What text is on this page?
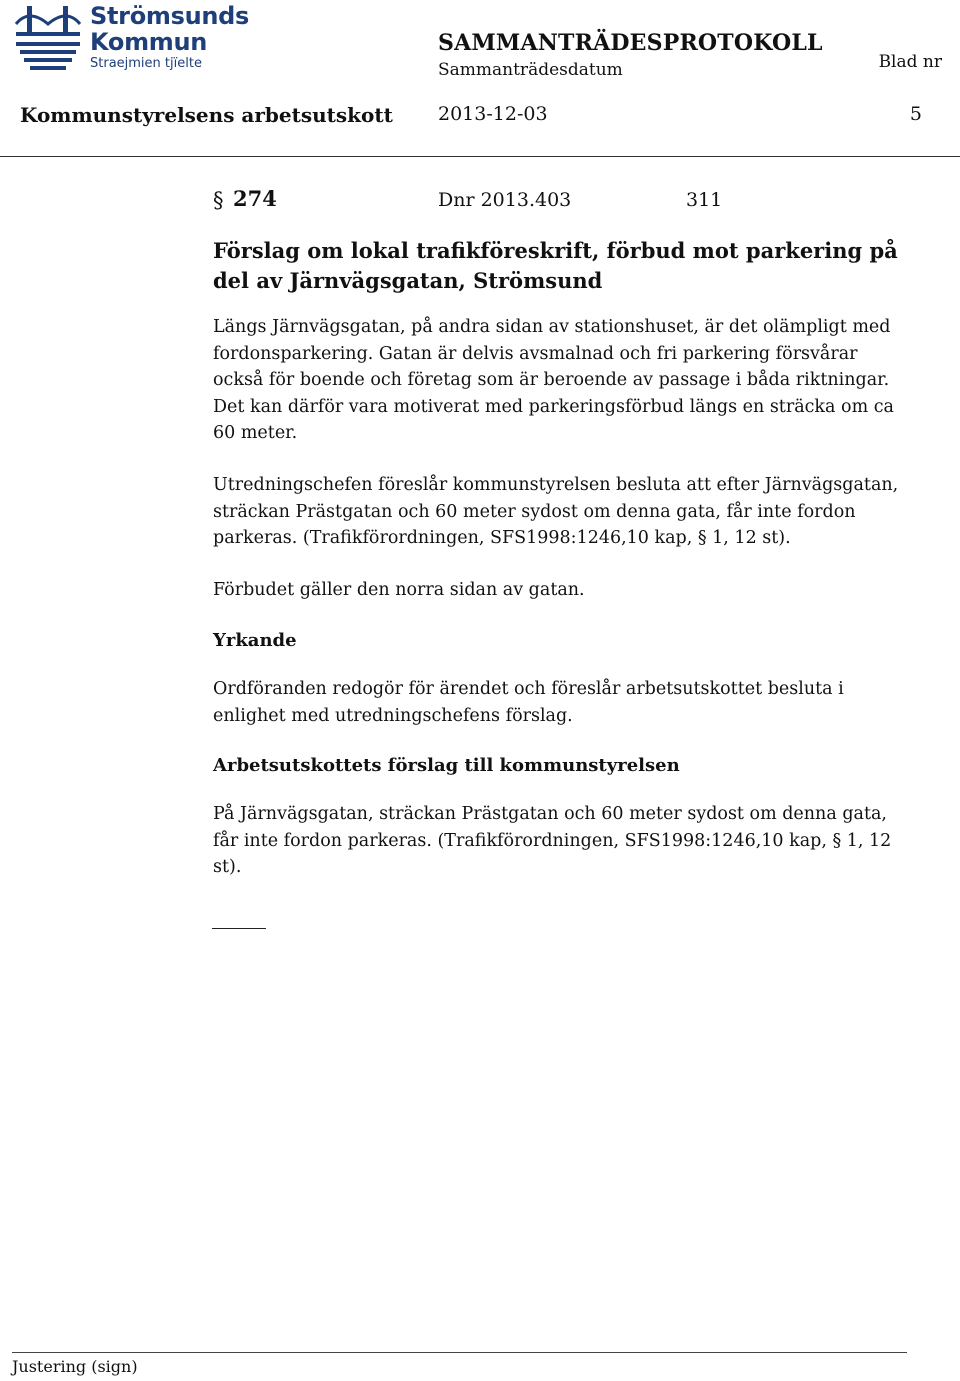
Strömsunds
Kommun
Straejmien tjïelte
SAMMANTRÄDESPROTOKOLL
Sammanträdesdatum	Blad nr
Kommunstyrelsens arbetsutskott 2013-12-03	5
§ 274	Dnr 2013.403	311
Förslag om lokal trafikföreskrift, förbud mot parkering på del av Järnvägsgatan, Strömsund
Längs Järnvägsgatan, på andra sidan av stationshuset, är det olämpligt med fordonsparkering. Gatan är delvis avsmalnad och fri parkering försvårar också för boende och företag som är beroende av passage i båda riktningar. Det kan därför vara motiverat med parkeringsförbud längs en sträcka om ca 60 meter.
Utredningschefen föreslår kommunstyrelsen besluta att efter Järnvägsgatan, sträckan Prästgatan och 60 meter sydost om denna gata, får inte fordon parkeras. (Trafikförordningen, SFS1998:1246,10 kap, § 1, 12 st).
Förbudet gäller den norra sidan av gatan.
Yrkande
Ordföranden redogör för ärendet och föreslår arbetsutskottet besluta i enlighet med utredningschefens förslag.
Arbetsutskottets förslag till kommunstyrelsen
På Järnvägsgatan, sträckan Prästgatan och 60 meter sydost om denna gata, får inte fordon parkeras. (Trafikförordningen, SFS1998:1246,10 kap, § 1, 12 st).
Justering (sign)
